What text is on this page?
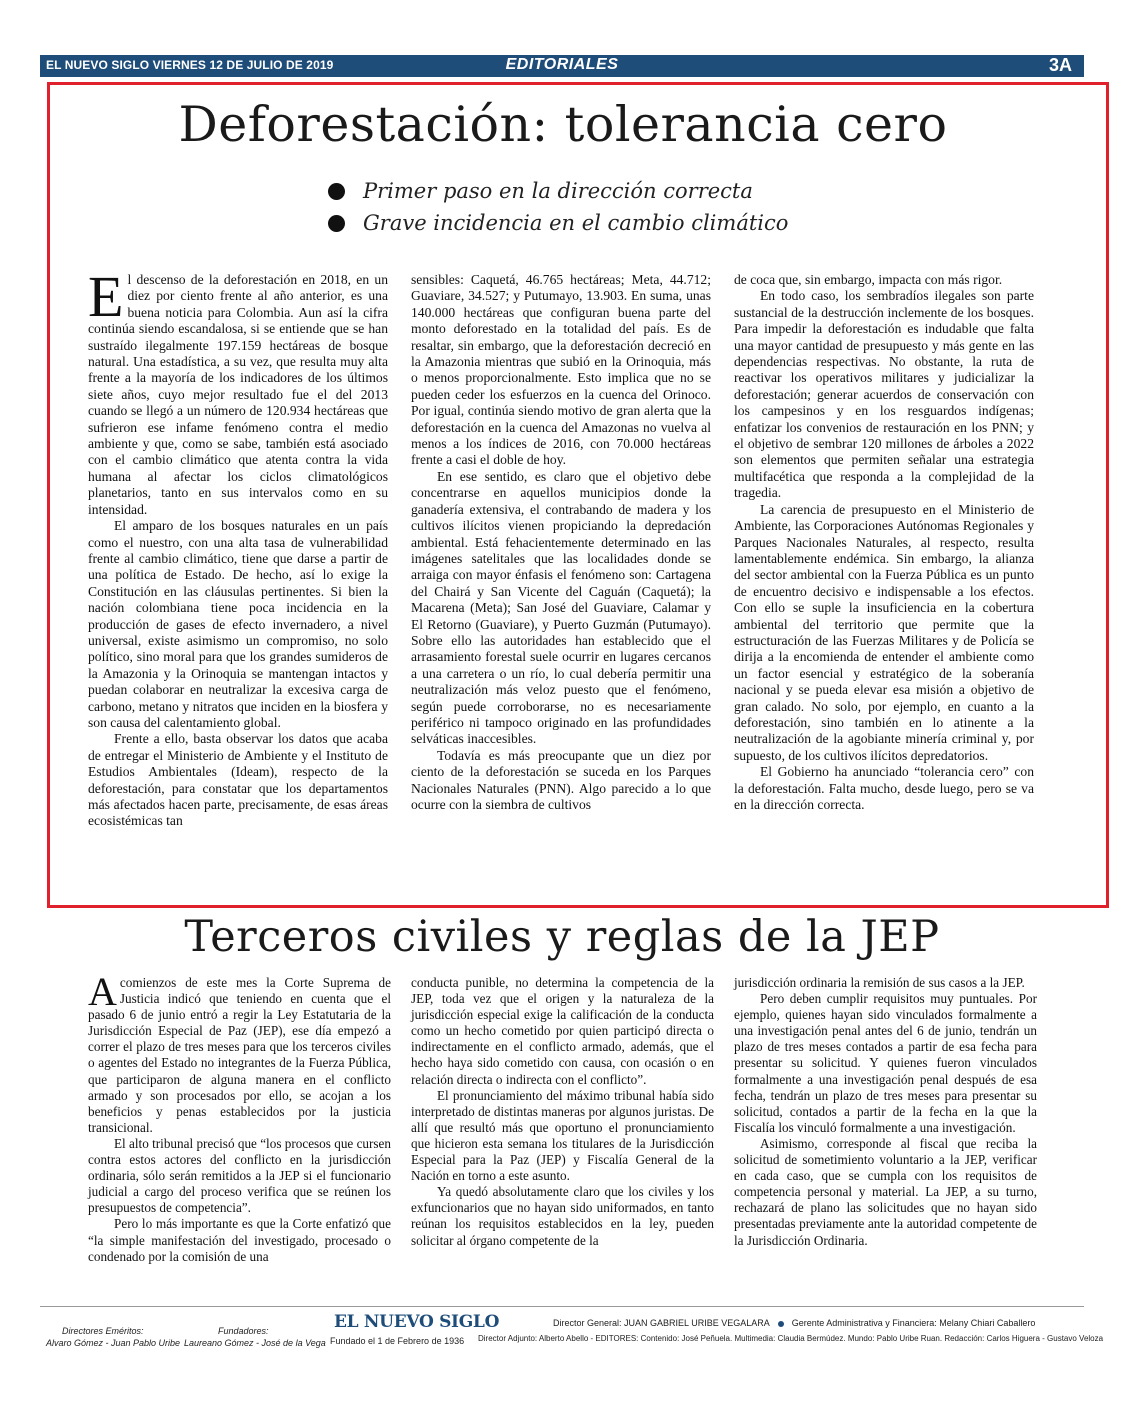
EL NUEVO SIGLO VIERNES 12 DE JULIO DE 2019	EDITORIALES	3A
Deforestación: tolerancia cero
Primer paso en la dirección correcta
Grave incidencia en el cambio climático

El descenso de la deforestación en 2018, en un diez por ciento frente al año anterior, es una buena noticia para Colombia. Aun así la cifra continúa siendo escandalosa, si se entiende que se han sustraído ilegalmente 197.159 hectáreas de bosque natural. Una estadística, a su vez, que resulta muy alta frente a la mayoría de los indicadores de los últimos siete años, cuyo mejor resultado fue el del 2013 cuando se llegó a un número de 120.934 hectáreas que sufrieron ese infame fenómeno contra el medio ambiente y que, como se sabe, también está asociado con el cambio climático que atenta contra la vida humana al afectar los ciclos climatológicos planetarios, tanto en sus intervalos como en su intensidad.

El amparo de los bosques naturales en un país como el nuestro, con una alta tasa de vulnerabilidad frente al cambio climático, tiene que darse a partir de una política de Estado. De hecho, así lo exige la Constitución en las cláusulas pertinentes. Si bien la nación colombiana tiene poca incidencia en la producción de gases de efecto invernadero, a nivel universal, existe asimismo un compromiso, no solo político, sino moral para que los grandes sumideros de la Amazonia y la Orinoquia se mantengan intactos y puedan colaborar en neutralizar la excesiva carga de carbono, metano y nitratos que inciden en la biosfera y son causa del calentamiento global.

Frente a ello, basta observar los datos que acaba de entregar el Ministerio de Ambiente y el Instituto de Estudios Ambientales (Ideam), respecto de la deforestación, para constatar que los departamentos más afectados hacen parte, precisamente, de esas áreas ecosistémicas tan

sensibles: Caquetá, 46.765 hectáreas; Meta, 44.712; Guaviare, 34.527; y Putumayo, 13.903. En suma, unas 140.000 hectáreas que configuran buena parte del monto deforestado en la totalidad del país. Es de resaltar, sin embargo, que la deforestación decreció en la Amazonia mientras que subió en la Orinoquia, más o menos proporcionalmente. Esto implica que no se pueden ceder los esfuerzos en la cuenca del Orinoco. Por igual, continúa siendo motivo de gran alerta que la deforestación en la cuenca del Amazonas no vuelva al menos a los índices de 2016, con 70.000 hectáreas frente a casi el doble de hoy.

En ese sentido, es claro que el objetivo debe concentrarse en aquellos municipios donde la ganadería extensiva, el contrabando de madera y los cultivos ilícitos vienen propiciando la depredación ambiental. Está fehacientemente determinado en las imágenes satelitales que las localidades donde se arraiga con mayor énfasis el fenómeno son: Cartagena del Chairá y San Vicente del Caguán (Caquetá); la Macarena (Meta); San José del Guaviare, Calamar y El Retorno (Guaviare), y Puerto Guzmán (Putumayo). Sobre ello las autoridades han establecido que el arrasamiento forestal suele ocurrir en lugares cercanos a una carretera o un río, lo cual debería permitir una neutralización más veloz puesto que el fenómeno, según puede corroborarse, no es necesariamente periférico ni tampoco originado en las profundidades selváticas inaccesibles.

Todavía es más preocupante que un diez por ciento de la deforestación se suceda en los Parques Nacionales Naturales (PNN). Algo parecido a lo que ocurre con la siembra de cultivos

de coca que, sin embargo, impacta con más rigor.

En todo caso, los sembradíos ilegales son parte sustancial de la destrucción inclemente de los bosques. Para impedir la deforestación es indudable que falta una mayor cantidad de presupuesto y más gente en las dependencias respectivas. No obstante, la ruta de reactivar los operativos militares y judicializar la deforestación; generar acuerdos de conservación con los campesinos y en los resguardos indígenas; enfatizar los convenios de restauración en los PNN; y el objetivo de sembrar 120 millones de árboles a 2022 son elementos que permiten señalar una estrategia multifacética que responda a la complejidad de la tragedia.

La carencia de presupuesto en el Ministerio de Ambiente, las Corporaciones Autónomas Regionales y Parques Nacionales Naturales, al respecto, resulta lamentablemente endémica. Sin embargo, la alianza del sector ambiental con la Fuerza Pública es un punto de encuentro decisivo e indispensable a los efectos. Con ello se suple la insuficiencia en la cobertura ambiental del territorio que permite que la estructuración de las Fuerzas Militares y de Policía se dirija a la encomienda de entender el ambiente como un factor esencial y estratégico de la soberanía nacional y se pueda elevar esa misión a objetivo de gran calado. No solo, por ejemplo, en cuanto a la deforestación, sino también en lo atinente a la neutralización de la agobiante minería criminal y, por supuesto, de los cultivos ilícitos depredatorios.

El Gobierno ha anunciado “tolerancia cero” con la deforestación. Falta mucho, desde luego, pero se va en la dirección correcta.

Terceros civiles y reglas de la JEP

A comienzos de este mes la Corte Suprema de Justicia indicó que teniendo en cuenta que el pasado 6 de junio entró a regir la Ley Estatutaria de la Jurisdicción Especial de Paz (JEP), ese día empezó a correr el plazo de tres meses para que los terceros civiles o agentes del Estado no integrantes de la Fuerza Pública, que participaron de alguna manera en el conflicto armado y son procesados por ello, se acojan a los beneficios y penas establecidos por la justicia transicional.

El alto tribunal precisó que “los procesos que cursen contra estos actores del conflicto en la jurisdicción ordinaria, sólo serán remitidos a la JEP si el funcionario judicial a cargo del proceso verifica que se reúnen los presupuestos de competencia”.

Pero lo más importante es que la Corte enfatizó que “la simple manifestación del investigado, procesado o condenado por la comisión de una

conducta punible, no determina la competencia de la JEP, toda vez que el origen y la naturaleza de la jurisdicción especial exige la calificación de la conducta como un hecho cometido por quien participó directa o indirectamente en el conflicto armado, además, que el hecho haya sido cometido con causa, con ocasión o en relación directa o indirecta con el conflicto”.

El pronunciamiento del máximo tribunal había sido interpretado de distintas maneras por algunos juristas. De allí que resultó más que oportuno el pronunciamiento que hicieron esta semana los titulares de la Jurisdicción Especial para la Paz (JEP) y Fiscalía General de la Nación en torno a este asunto.

Ya quedó absolutamente claro que los civiles y los exfuncionarios que no hayan sido uniformados, en tanto reúnan los requisitos establecidos en la ley, pueden solicitar al órgano competente de la

jurisdicción ordinaria la remisión de sus casos a la JEP.

Pero deben cumplir requisitos muy puntuales. Por ejemplo, quienes hayan sido vinculados formalmente a una investigación penal antes del 6 de junio, tendrán un plazo de tres meses contados a partir de esa fecha para presentar su solicitud. Y quienes fueron vinculados formalmente a una investigación penal después de esa fecha, tendrán un plazo de tres meses para presentar su solicitud, contados a partir de la fecha en la que la Fiscalía los vinculó formalmente a una investigación.

Asimismo, corresponde al fiscal que reciba la solicitud de sometimiento voluntario a la JEP, verificar en cada caso, que se cumpla con los requisitos de competencia personal y material. La JEP, a su turno, rechazará de plano las solicitudes que no hayan sido presentadas previamente ante la autoridad competente de la Jurisdicción Ordinaria.

Directores Eméritos:
Alvaro Gómez - Juan Pablo Uribe
Fundadores:
Laureano Gómez - José de la Vega
EL NUEVO SIGLO
Fundado el 1 de Febrero de 1936
Director General: JUAN GABRIEL URIBE VEGALARA Gerente Administrativa y Financiera: Melany Chiari Caballero
Director Adjunto: Alberto Abello - EDITORES: Contenido: José Peñuela. Multimedia: Claudia Bermúdez. Mundo: Pablo Uribe Ruan. Redacción: Carlos Higuera - Gustavo Veloza
